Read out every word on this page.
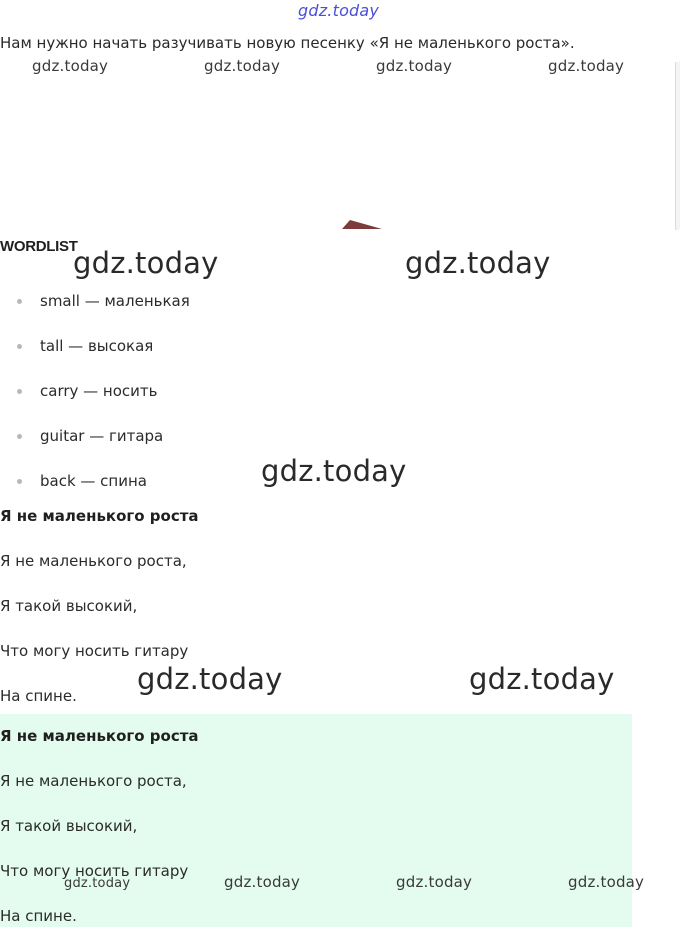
gdz.today
Нам нужно начать разучивать новую песенку «Я не маленького роста».
gdz.today	gdz.today	gdz.today	gdz.today
WORDLIST
gdz.today	gdz.today
small — маленькая
tall — высокая
carry — носить
guitar — гитара
back — спина	gdz.today
Я не маленького роста
Я не маленького роста,
Я такой высокий,
Что могу носить гитару
На спине.	gdz.today	gdz.today
Я не маленького роста
Я не маленького роста,
Я такой высокий,
Что могу носить гитару
На спине.
gdz.today	gdz.today	gdz.today	gdz.today
